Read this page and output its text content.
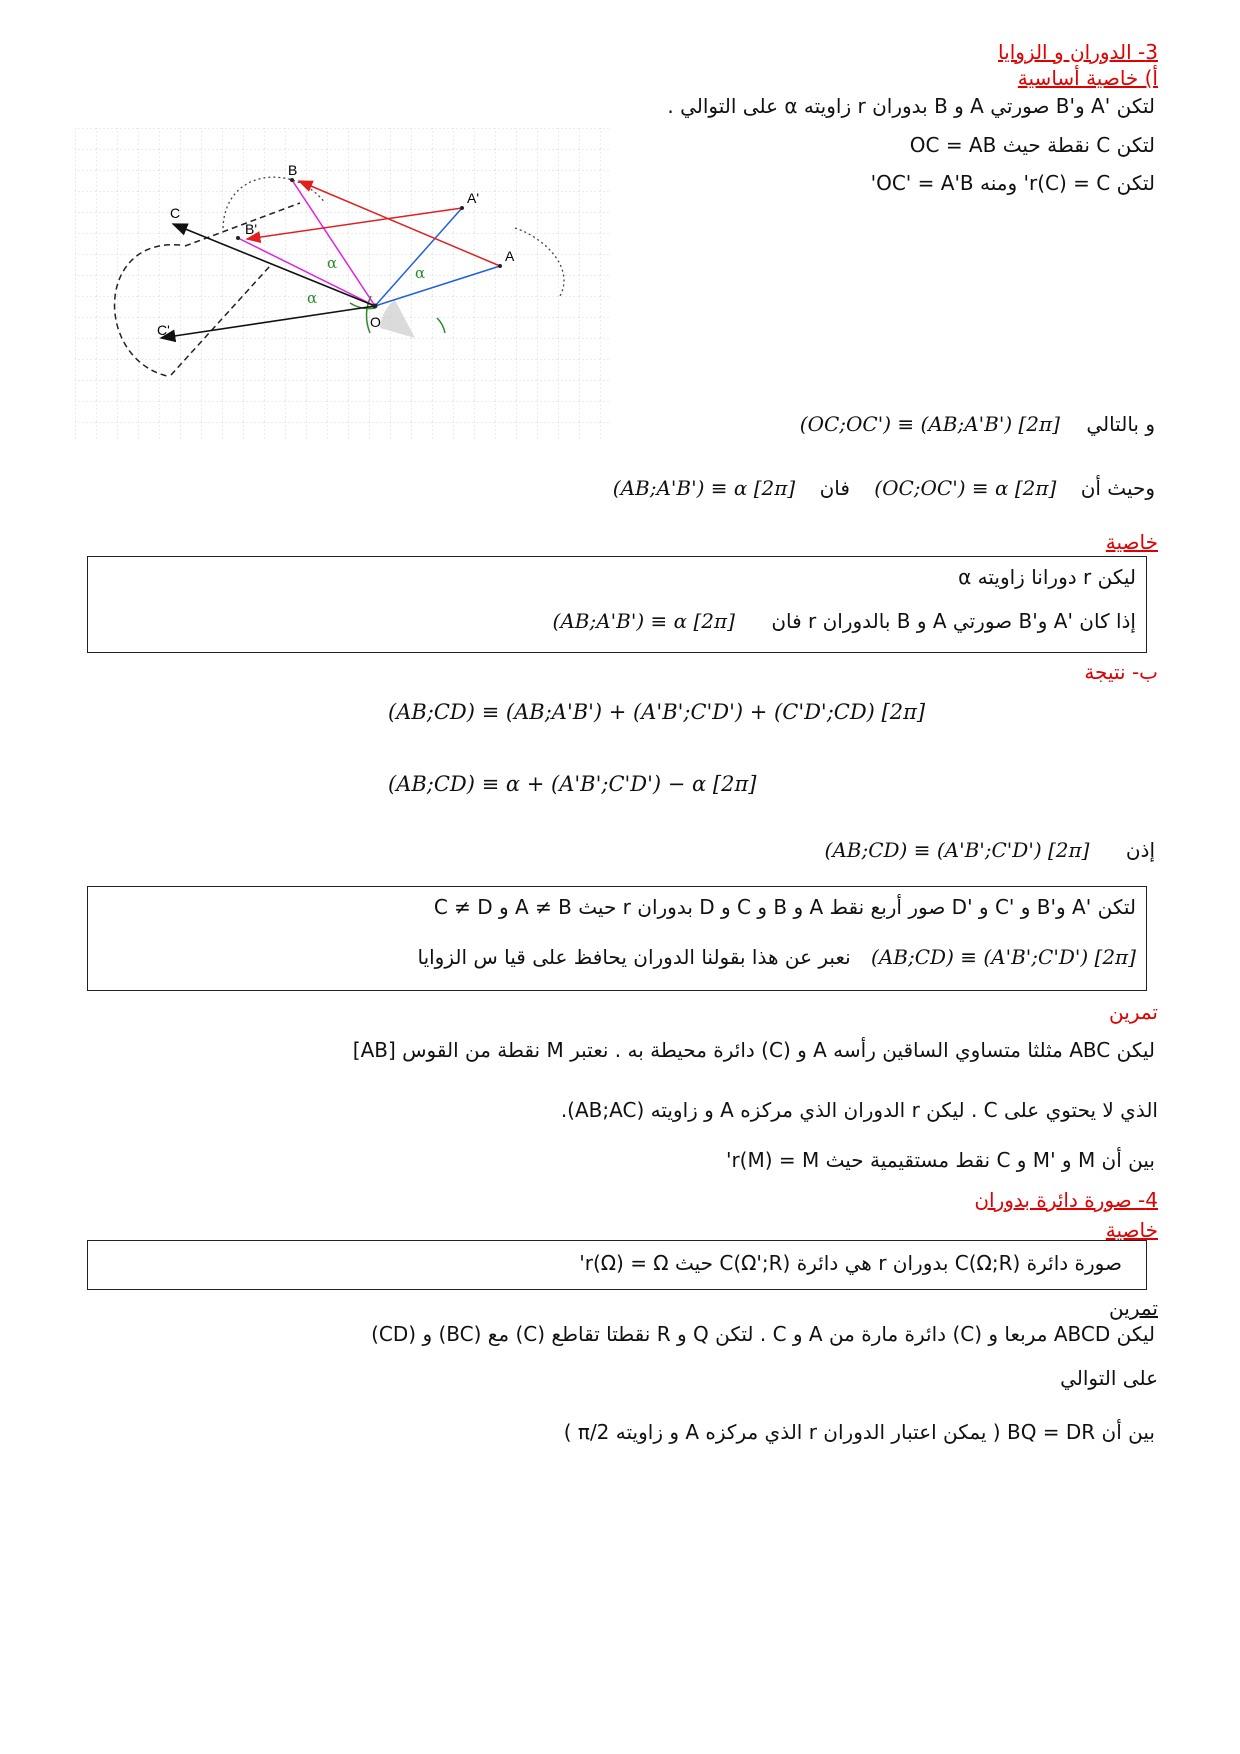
3- الدوران و الزوايا
أ) خاصية أساسية
لتكن 'A و'B صورتي A و B بدوران r زاويته α على التوالي .
لتكن C نقطة حيث OC = AB
لتكن r(C) = C' ومنه OC' = A'B'
O
B
B'
A'
A
C
C'
α
α
α
و بالتالي (OC;OC') ≡ (AB;A'B') [2π]
وحيث أن (OC;OC') ≡ α [2π] فان (AB;A'B') ≡ α [2π]
خاصية
ليكن r دورانا زاويته α
إذا كان 'A و'B صورتي A و B بالدوران r فان (AB;A'B') ≡ α [2π]
ب- نتيجة
(AB;CD) ≡ (AB;A'B') + (A'B';C'D') + (C'D';CD) [2π]
(AB;CD) ≡ α + (A'B';C'D') − α [2π]
إذن (AB;CD) ≡ (A'B';C'D') [2π]
لتكن 'A و'B و 'C و 'D صور أربع نقط A و B و C و D بدوران r حيث A ≠ B و C ≠ D
(AB;CD) ≡ (A'B';C'D') [2π] نعبر عن هذا بقولنا الدوران يحافظ على قيا س الزوايا
تمرين
ليكن ABC مثلثا متساوي الساقين رأسه A و (C) دائرة محيطة به . نعتبر M نقطة من القوس [AB]
الذي لا يحتوي على C . ليكن r الدوران الذي مركزه A و زاويته (AB;AC).
بين أن M و 'M و C نقط مستقيمية حيث r(M) = M'
4- صورة دائرة بدوران
خاصية
صورة دائرة C(Ω;R) بدوران r هي دائرة C(Ω';R) حيث r(Ω) = Ω'
تمرين
ليكن ABCD مربعا و (C) دائرة مارة من A و C . لتكن Q و R نقطتا تقاطع (C) مع (BC) و (CD)
على التوالي
بين أن BQ = DR ( يمكن اعتبار الدوران r الذي مركزه A و زاويته π/2 )
